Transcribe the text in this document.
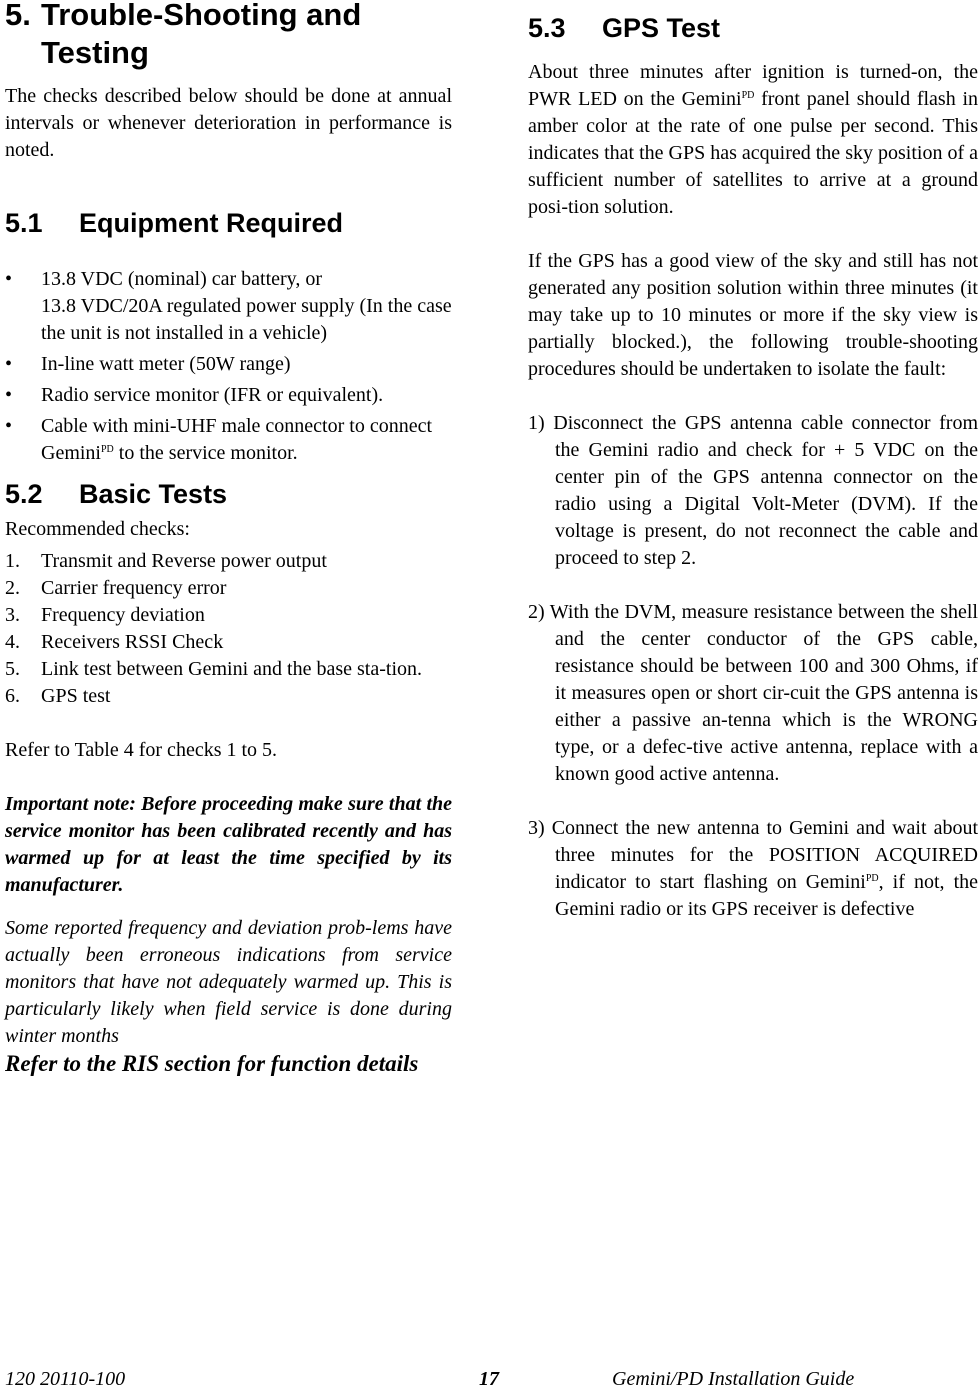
5. Trouble-Shooting and
Testing

The checks described below should be done at annual intervals or whenever deterioration in performance is noted.

5.1 Equipment Required
• 13.8 VDC (nominal) car battery, or
13.8 VDC/20A regulated power supply (In the case the unit is not installed in a vehicle)
• In-line watt meter (50W range)
• Radio service monitor (IFR or equivalent).
• Cable with mini-UHF male connector to connect Gemini$^{PD}$ to the service monitor.
5.2 Basic Tests

Recommended checks:

1. Transmit and Reverse power output
2. Carrier frequency error
3. Frequency deviation
4. Receivers RSSI Check
5. Link test between Gemini and the base sta-tion.
6. GPS test

Refer to Table 4 for checks 1 to 5.

Important note: Before proceeding make sure that the service monitor has been calibrated recently and has warmed up for at least the time specified by its manufacturer.

Some reported frequency and deviation prob-lems have actually been erroneous indications from service monitors that have not adequately warmed up. This is particularly likely when field service is done during winter months

Refer to the RIS section for function details

5.3 GPS Test

About three minutes after ignition is turned-on, the PWR LED on the Gemini$^{PD}$ front panel should flash in amber color at the rate of one pulse per second. This indicates that the GPS has acquired the sky position of a sufficient number of satellites to arrive at a ground posi-tion solution.

If the GPS has a good view of the sky and still has not generated any position solution within three minutes (it may take up to 10 minutes or more if the sky view is partially blocked.), the following trouble-shooting procedures should be undertaken to isolate the fault:

1) Disconnect the GPS antenna cable connector from the Gemini radio and check for + 5 VDC on the center pin of the GPS antenna connector on the radio using a Digital Volt-Meter (DVM). If the voltage is present, do not reconnect the cable and proceed to step 2.

2) With the DVM, measure resistance between the shell and the center conductor of the GPS cable, resistance should be between 100 and 300 Ohms, if it measures open or short cir-cuit the GPS antenna is either a passive an-tenna which is the WRONG type, or a defec-tive active antenna, replace with a known good active antenna.

3) Connect the new antenna to Gemini and wait about three minutes for the POSITION ACQUIRED indicator to start flashing on Gemini$^{PD}$, if not, the Gemini radio or its GPS receiver is defective

120 20110-100	17	Gemini/PD Installation Guide
